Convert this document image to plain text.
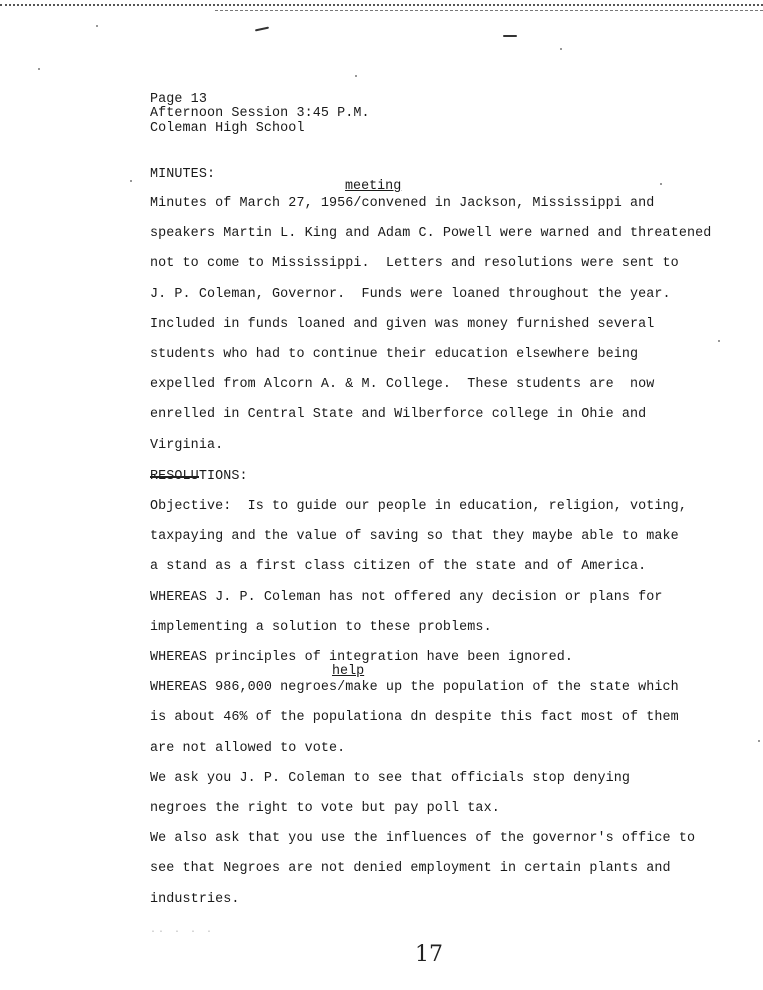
Page 13
Afternoon Session 3:45 P.M.
Coleman High School
MINUTES:
meeting
Minutes of March 27, 1956/convened in Jackson, Mississippi and
speakers Martin L. King and Adam C. Powell were warned and threatened
not to come to Mississippi.  Letters and resolutions were sent to
J. P. Coleman, Governor.  Funds were loaned throughout the year.
Included in funds loaned and given was money furnished several
students who had to continue their education elsewhere being
expelled from Alcorn A. & M. College.  These students are  now
enrelled in Central State and Wilberforce college in Ohie and
Virginia.
RESOLUTIONS:
Objective:  Is to guide our people in education, religion, voting,
taxpaying and the value of saving so that they maybe able to make
a stand as a first class citizen of the state and of America.
WHEREAS J. P. Coleman has not offered any decision or plans for
implementing a solution to these problems.
WHEREAS principles of integration have been ignored.
help
WHEREAS 986,000 negroes/make up the population of the state which
is about 46% of the populationa dn despite this fact most of them
are not allowed to vote.
We ask you J. P. Coleman to see that officials stop denying
negroes the right to vote but pay poll tax.
We also ask that you use the influences of the governor's office to
see that Negroes are not denied employment in certain plants and
industries.
.. . . .
17
